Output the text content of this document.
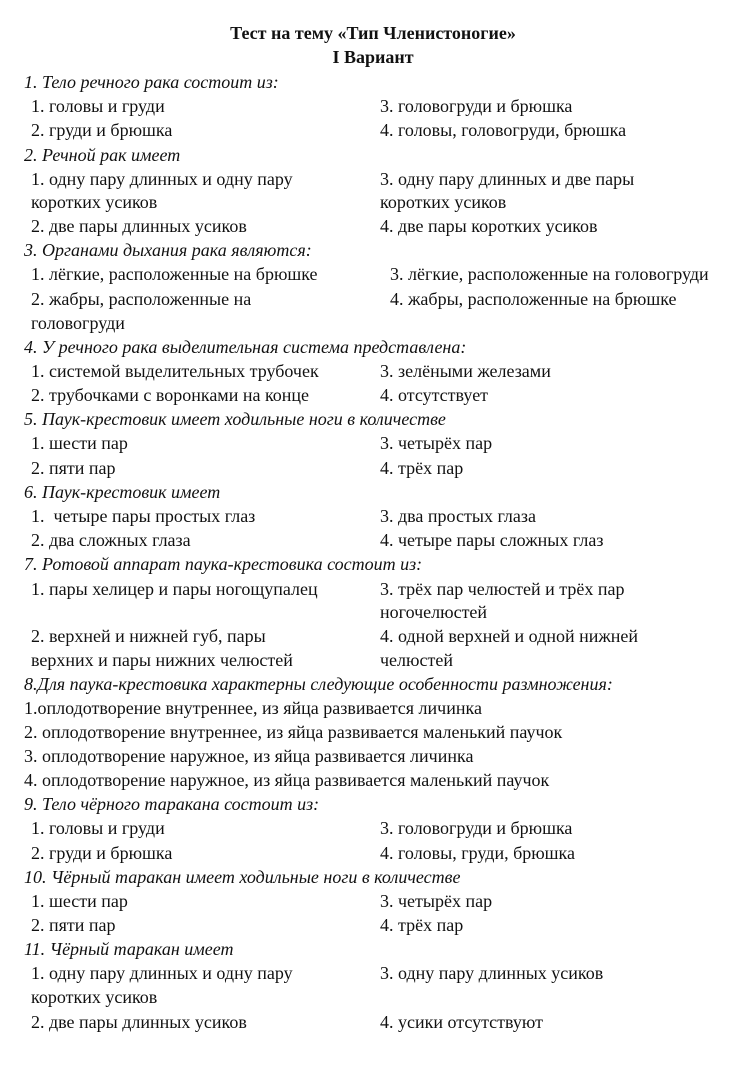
Тест на тему «Тип Членистоногие»
I Вариант
1. Тело речного рака состоит из:
1. головы и груди	3. головогруди и брюшка
2. груди и брюшка	4. головы, головогруди, брюшка
2. Речной рак имеет
1. одну пару длинных и одну пару	3. одну пару длинных и две пары
коротких усиков	коротких усиков
2. две пары длинных усиков	4. две пары коротких усиков
3. Органами дыхания рака являются:
1. лёгкие, расположенные на брюшке	3. лёгкие, расположенные на головогруди
2. жабры, расположенные на	4. жабры, расположенные на брюшке
головогруди
4. У речного рака выделительная система представлена:
1. системой выделительных трубочек	3. зелёными железами
2. трубочками с воронками на конце	4. отсутствует
5. Паук-крестовик имеет ходильные ноги в количестве
1. шести пар	3. четырёх пар
2. пяти пар	4. трёх пар
6. Паук-крестовик имеет
1.  четыре пары простых глаз	3. два простых глаза
2. два сложных глаза	4. четыре пары сложных глаз
7. Ротовой аппарат паука-крестовика состоит из:
1. пары хелицер и пары ногощупалец	3. трёх пар челюстей и трёх пар
ногочелюстей
2. верхней и нижней губ, пары	4. одной верхней и одной нижней
верхних и пары нижних челюстей	челюстей
8.Для паука-крестовика характерны следующие особенности размножения:
1.оплодотворение внутреннее, из яйца развивается личинка
2. оплодотворение внутреннее, из яйца развивается маленький паучок
3. оплодотворение наружное, из яйца развивается личинка
4. оплодотворение наружное, из яйца развивается маленький паучок
9. Тело чёрного таракана состоит из:
1. головы и груди	3. головогруди и брюшка
2. груди и брюшка	4. головы, груди, брюшка
10. Чёрный таракан имеет ходильные ноги в количестве
1. шести пар	3. четырёх пар
2. пяти пар	4. трёх пар
11. Чёрный таракан имеет
1. одну пару длинных и одну пару	3. одну пару длинных усиков
коротких усиков
2. две пары длинных усиков	4. усики отсутствуют
